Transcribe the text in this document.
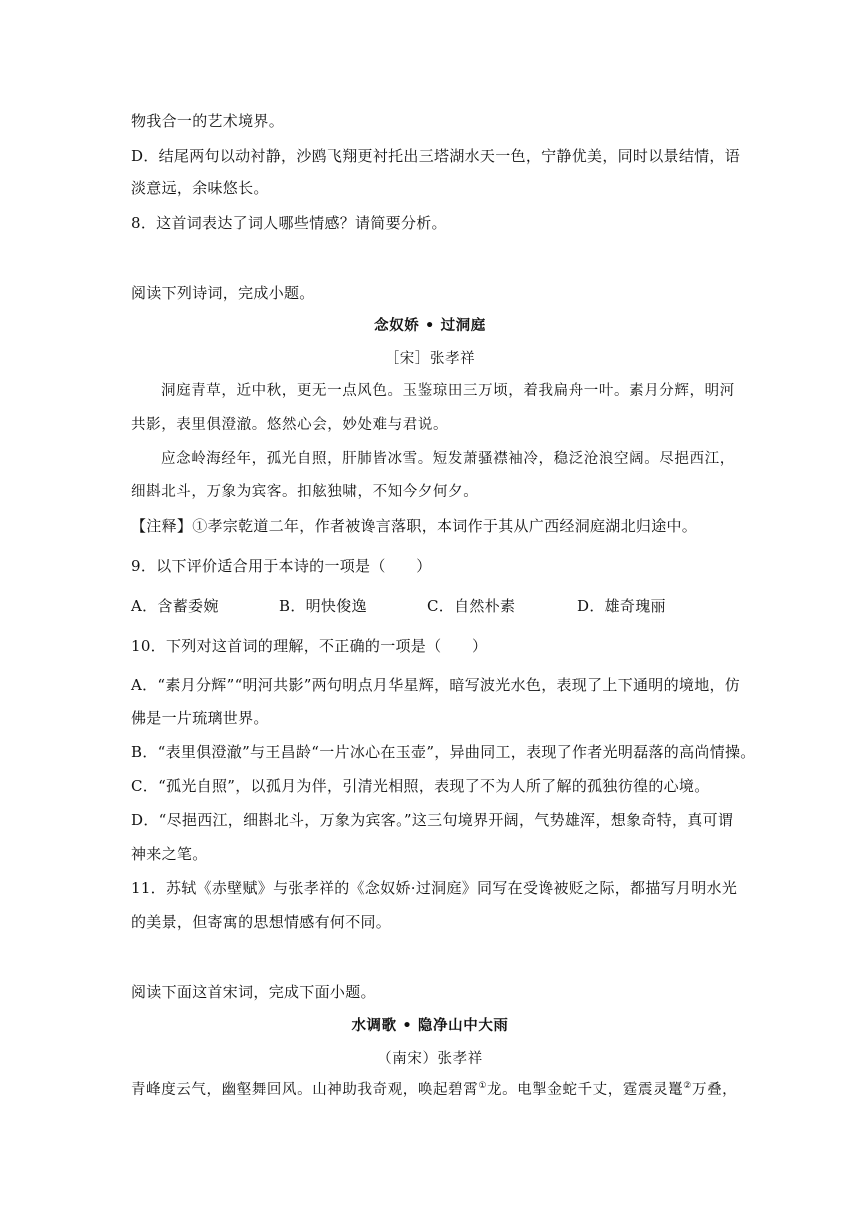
物我合一的艺术境界。
D．结尾两句以动衬静，沙鸥飞翔更衬托出三塔湖水天一色，宁静优美，同时以景结情，语
淡意远，余味悠长。
8．这首词表达了词人哪些情感？请简要分析。
阅读下列诗词，完成小题。
念奴娇 • 过洞庭
［宋］张孝祥
洞庭青草，近中秋，更无一点风色。玉鉴琼田三万顷，着我扁舟一叶。素月分辉，明河
共影，表里俱澄澈。悠然心会，妙处难与君说。
应念岭海经年，孤光自照，肝肺皆冰雪。短发萧骚襟袖冷，稳泛沧浪空阔。尽挹西江，
细斟北斗，万象为宾客。扣舷独啸，不知今夕何夕。
【注释】①孝宗乾道二年，作者被谗言落职，本词作于其从广西经洞庭湖北归途中。
9．以下评价适合用于本诗的一项是（　　）
A．含蓄委婉	B．明快俊逸	C．自然朴素	D．雄奇瑰丽
10．下列对这首词的理解，不正确的一项是（　　）
A．“素月分辉”“明河共影”两句明点月华星辉，暗写波光水色，表现了上下通明的境地，仿
佛是一片琉璃世界。
B．“表里俱澄澈”与王昌龄“一片冰心在玉壶”，异曲同工，表现了作者光明磊落的高尚情操。
C．“孤光自照”，以孤月为伴，引清光相照，表现了不为人所了解的孤独彷徨的心境。
D．“尽挹西江，细斟北斗，万象为宾客。”这三句境界开阔，气势雄浑，想象奇特，真可谓
神来之笔。
11．苏轼《赤壁赋》与张孝祥的《念奴娇·过洞庭》同写在受谗被贬之际，都描写月明水光
的美景，但寄寓的思想情感有何不同。
阅读下面这首宋词，完成下面小题。
水调歌 • 隐净山中大雨
（南宋）张孝祥
青峰度云气，幽壑舞回风。山神助我奇观，唤起碧霄①龙。电掣金蛇千丈，霆震灵鼍②万叠，
